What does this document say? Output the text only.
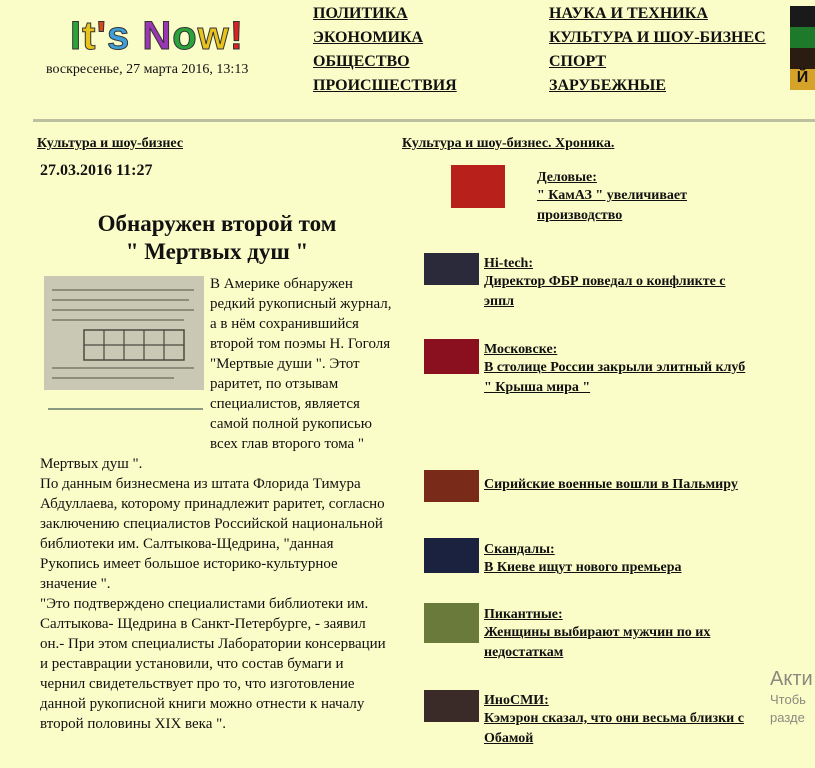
It's Now!
воскресенье, 27 марта 2016, 13:13
ПОЛИТИКА
ЭКОНОМИКА
ОБЩЕСТВО
ПРОИСШЕСТВИЯ
НАУКА И ТЕХНИКА
КУЛЬТУРА И ШОУ-БИЗНЕС
СПОРТ
ЗАРУБЕЖНЫЕ	Й
Культура и шоу-бизнес	Культура и шоу-бизнес. Хроника.
27.03.2016 11:27
Обнаружен второй том
" Мертвых душ "
В Америке обнаружен редкий рукописный журнал, а в нём сохранившийся второй том поэмы Н. Гоголя "Мертвые души ". Этот раритет, по отзывам специалистов, является самой полной рукописью всех глав второго тома " Мертвых душ ".
По данным бизнесмена из штата Флорида Тимура Абдуллаева, которому принадлежит раритет, согласно заключению специалистов Российской национальной библиотеки им. Салтыкова-Щедрина, "данная Рукопись имеет большое историко-культурное значение ".
"Это подтверждено специалистами библиотеки им. Салтыкова- Щедрина в Санкт-Петербурге, - заявил он.- При этом специалисты Лаборатории консервации и реставрации установили, что состав бумаги и чернил свидетельствует про то, что изготовление данной рукописной книги можно отнести к началу второй половины XIX века ".
Деловые:
" КамАЗ " увеличивает производство
Hi-tech:
Директор ФБР поведал о конфликте с эппл
Московске:
В столице России закрыли элитный клуб " Крыша мира "
Сирийские военные вошли в Пальмиру
Скандалы:
В Киеве ищут нового премьера
Пикантные:
Женщины выбирают мужчин по их недостаткам
ИноСМИ:
Кэмэрон сказал, что они весьма близки с Обамой
Акти
Чтобь
разде
